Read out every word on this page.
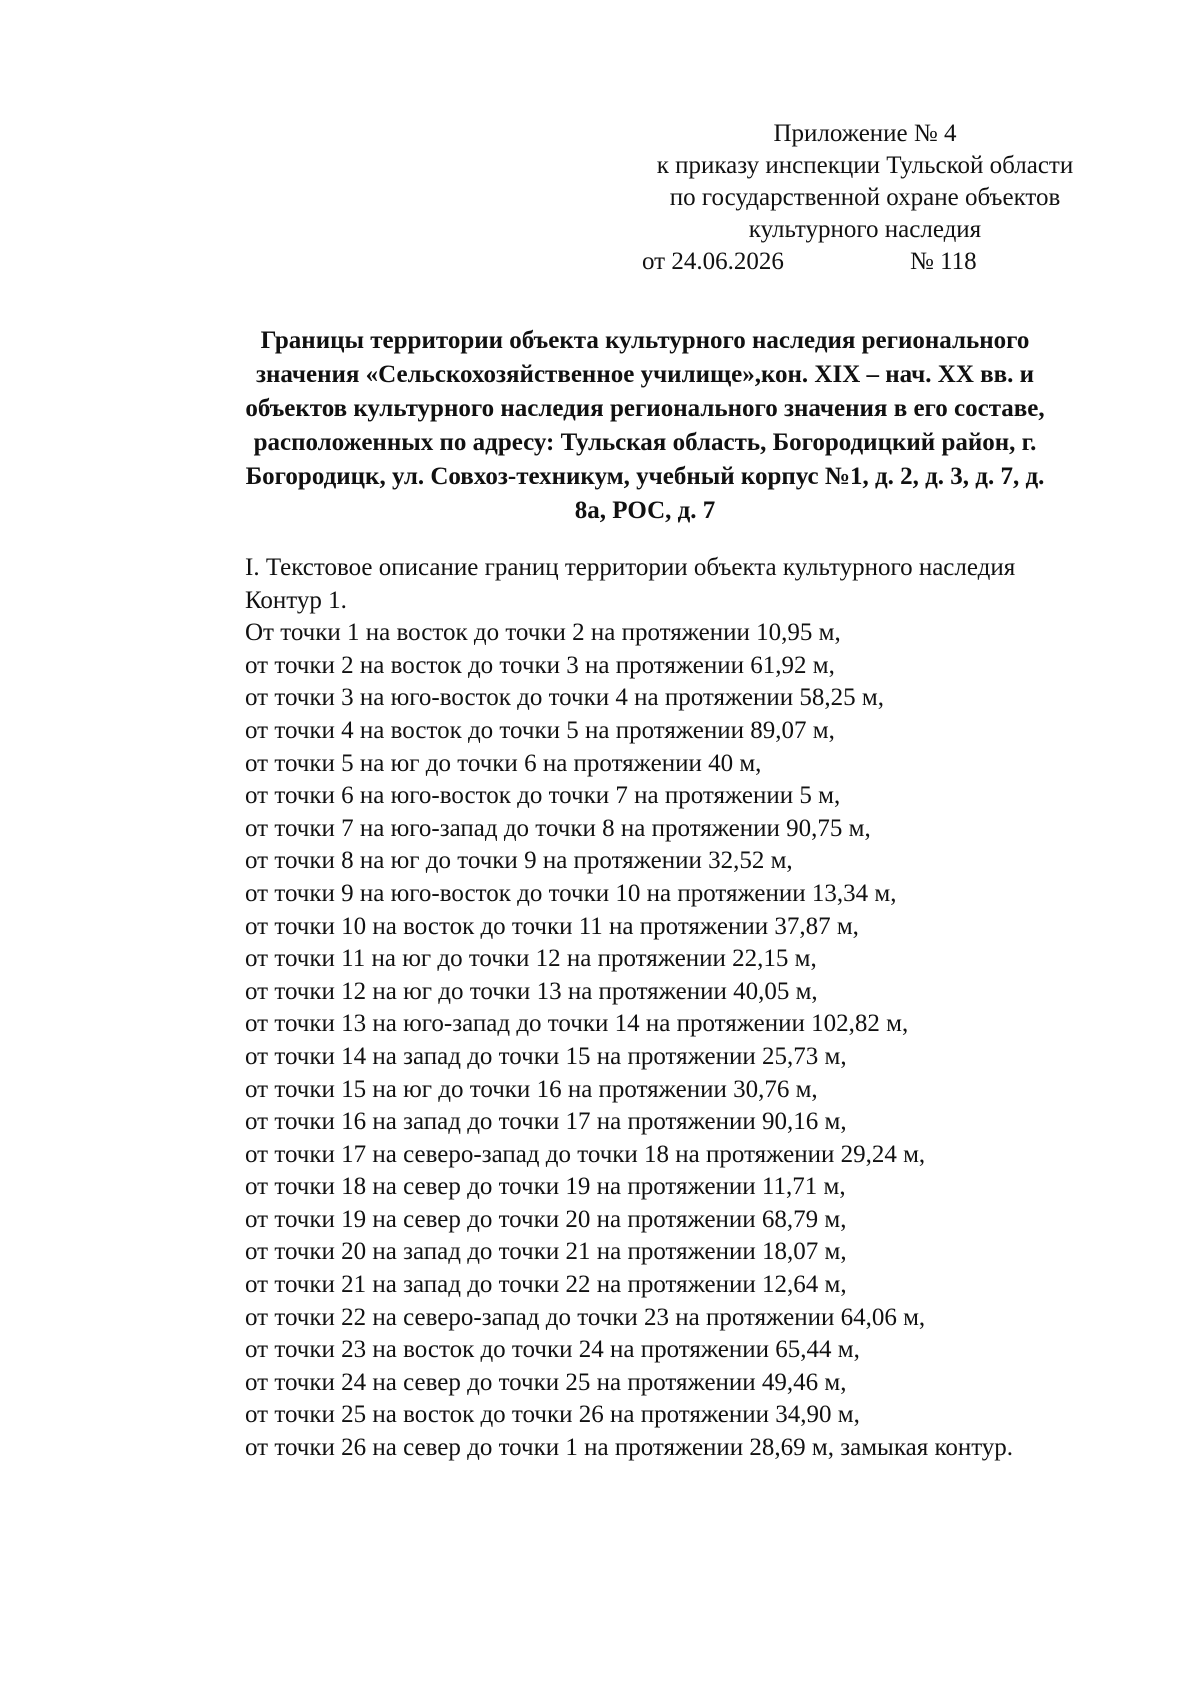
Приложение № 4
к приказу инспекции Тульской области
по государственной охране объектов
культурного наследия
от 24.06.2026	№ 118
Границы территории объекта культурного наследия регионального
значения «Сельскохозяйственное училище»,кон. XIX – нач. XX вв. и
объектов культурного наследия регионального значения в его составе,
расположенных по адресу: Тульская область, Богородицкий район, г.
Богородицк, ул. Совхоз-техникум, учебный корпус №1, д. 2, д. 3, д. 7, д.
8а, РОС, д. 7

I. Текстовое описание границ территории объекта культурного наследия

Контур 1.

От точки 1 на восток до точки 2 на протяжении 10,95 м,
от точки 2 на восток до точки 3 на протяжении 61,92 м,
от точки 3 на юго-восток до точки 4 на протяжении 58,25 м,
от точки 4 на восток до точки 5 на протяжении 89,07 м,
от точки 5 на юг до точки 6 на протяжении 40 м,
от точки 6 на юго-восток до точки 7 на протяжении 5 м,
от точки 7 на юго-запад до точки 8 на протяжении 90,75 м,
от точки 8 на юг до точки 9 на протяжении 32,52 м,
от точки 9 на юго-восток до точки 10 на протяжении 13,34 м,
от точки 10 на восток до точки 11 на протяжении 37,87 м,
от точки 11 на юг до точки 12 на протяжении 22,15 м,
от точки 12 на юг до точки 13 на протяжении 40,05 м,
от точки 13 на юго-запад до точки 14 на протяжении 102,82 м,
от точки 14 на запад до точки 15 на протяжении 25,73 м,
от точки 15 на юг до точки 16 на протяжении 30,76 м,
от точки 16 на запад до точки 17 на протяжении 90,16 м,
от точки 17 на северо-запад до точки 18 на протяжении 29,24 м,
от точки 18 на север до точки 19 на протяжении 11,71 м,
от точки 19 на север до точки 20 на протяжении 68,79 м,
от точки 20 на запад до точки 21 на протяжении 18,07 м,
от точки 21 на запад до точки 22 на протяжении 12,64 м,
от точки 22 на северо-запад до точки 23 на протяжении 64,06 м,
от точки 23 на восток до точки 24 на протяжении 65,44 м,
от точки 24 на север до точки 25 на протяжении 49,46 м,
от точки 25 на восток до точки 26 на протяжении 34,90 м,

от точки 26 на север до точки 1 на протяжении 28,69 м, замыкая контур.
